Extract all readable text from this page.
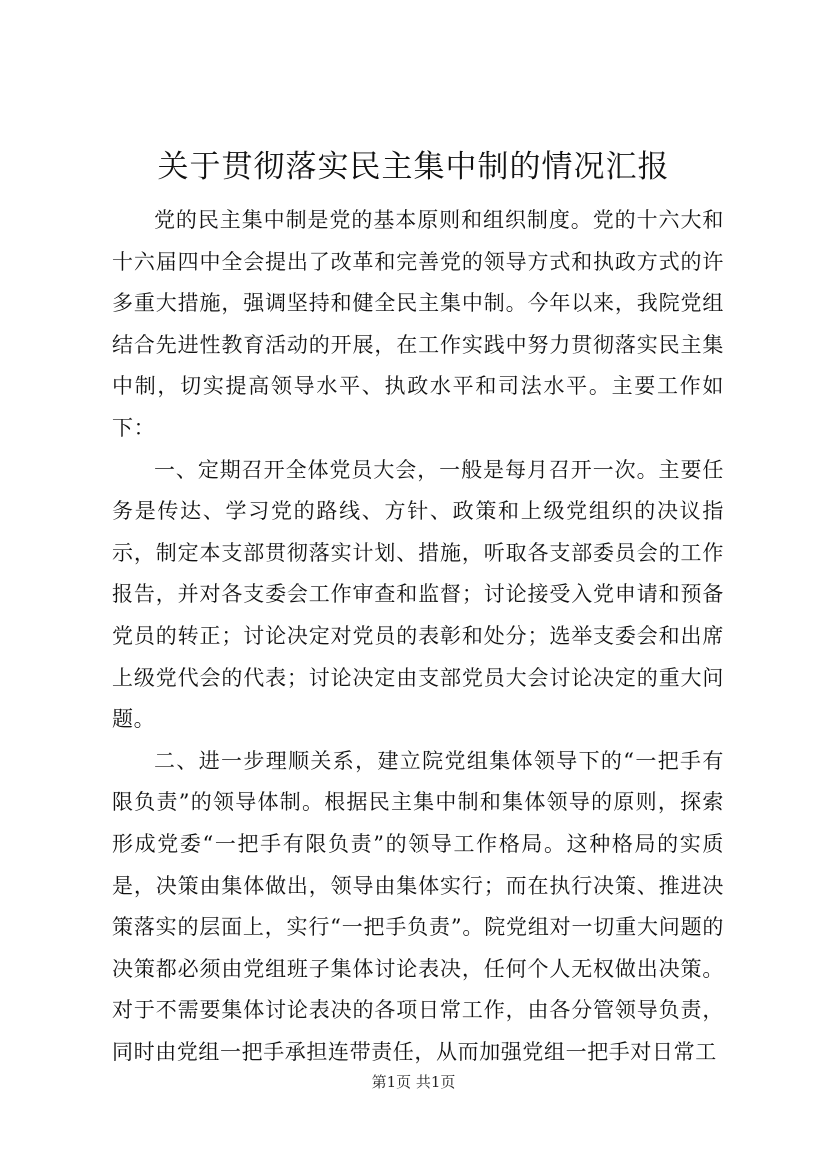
关于贯彻落实民主集中制的情况汇报

党的民主集中制是党的基本原则和组织制度。党的十六大和十六届四中全会提出了改革和完善党的领导方式和执政方式的许多重大措施，强调坚持和健全民主集中制。今年以来，我院党组结合先进性教育活动的开展，在工作实践中努力贯彻落实民主集中制，切实提高领导水平、执政水平和司法水平。主要工作如下：

一、定期召开全体党员大会，一般是每月召开一次。主要任务是传达、学习党的路线、方针、政策和上级党组织的决议指示，制定本支部贯彻落实计划、措施，听取各支部委员会的工作报告，并对各支委会工作审查和监督；讨论接受入党申请和预备党员的转正；讨论决定对党员的表彰和处分；选举支委会和出席上级党代会的代表；讨论决定由支部党员大会讨论决定的重大问题。

二、进一步理顺关系，建立院党组集体领导下的“一把手有限负责”的领导体制。根据民主集中制和集体领导的原则，探索形成党委“一把手有限负责”的领导工作格局。这种格局的实质是，决策由集体做出，领导由集体实行；而在执行决策、推进决策落实的层面上，实行“一把手负责”。院党组对一切重大问题的决策都必须由党组班子集体讨论表决，任何个人无权做出决策。对于不需要集体讨论表决的各项日常工作，由各分管领导负责，同时由党组一把手承担连带责任，从而加强党组一把手对日常工

第1页 共1页
